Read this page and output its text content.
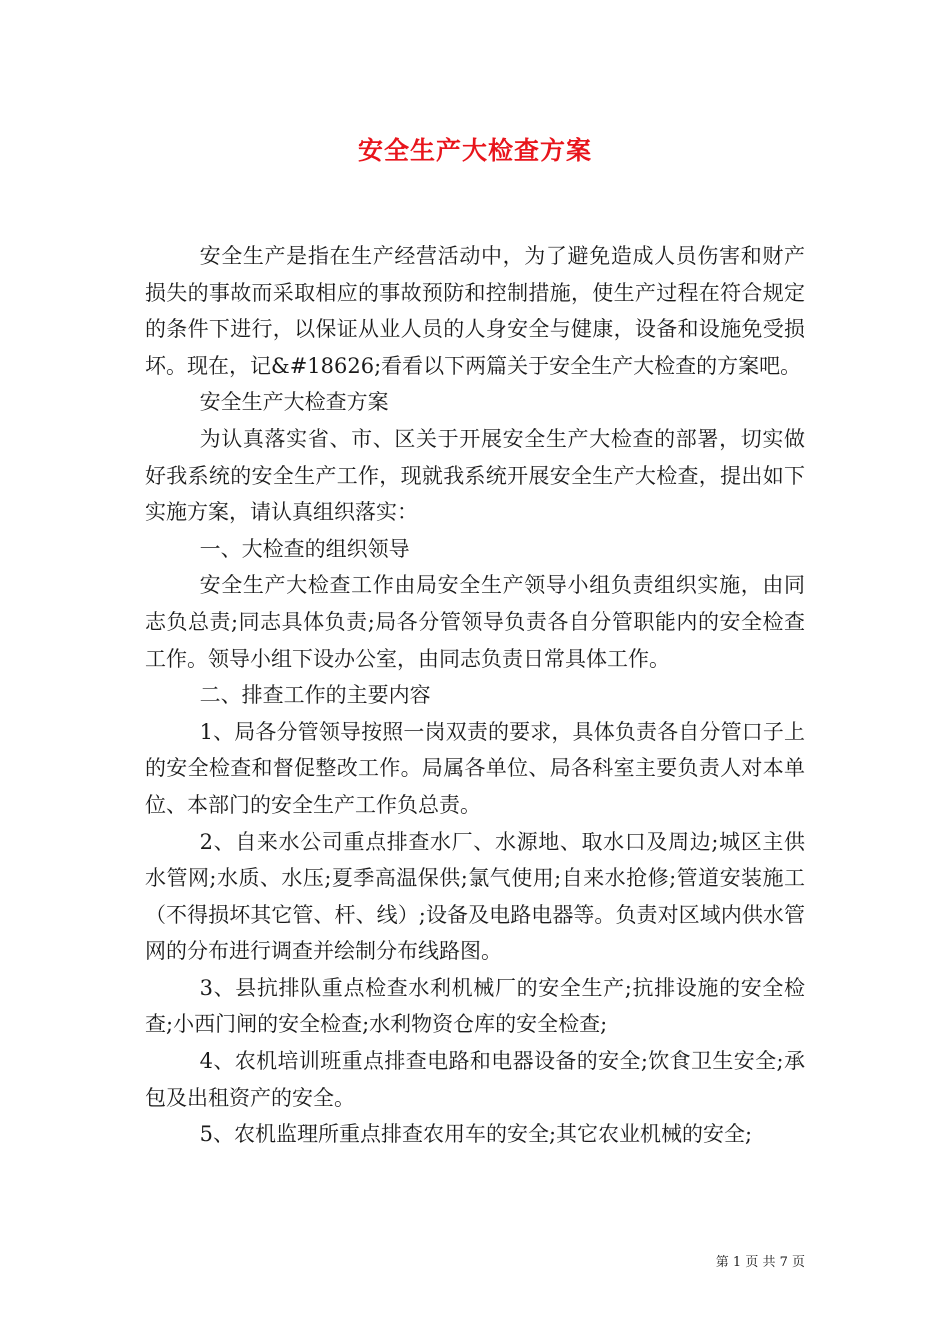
安全生产大检查方案

安全生产是指在生产经营活动中，为了避免造成人员伤害和财产损失的事故而采取相应的事故预防和控制措施，使生产过程在符合规定的条件下进行，以保证从业人员的人身安全与健康，设备和设施免受损坏。现在，记&#18626;看看以下两篇关于安全生产大检查的方案吧。

安全生产大检查方案

为认真落实省、市、区关于开展安全生产大检查的部署，切实做好我系统的安全生产工作，现就我系统开展安全生产大检查，提出如下实施方案，请认真组织落实：

一、大检查的组织领导

安全生产大检查工作由局安全生产领导小组负责组织实施，由同志负总责;同志具体负责;局各分管领导负责各自分管职能内的安全检查工作。领导小组下设办公室，由同志负责日常具体工作。

二、排查工作的主要内容

1、局各分管领导按照一岗双责的要求，具体负责各自分管口子上的安全检查和督促整改工作。局属各单位、局各科室主要负责人对本单位、本部门的安全生产工作负总责。

2、自来水公司重点排查水厂、水源地、取水口及周边;城区主供水管网;水质、水压;夏季高温保供;氯气使用;自来水抢修;管道安装施工（不得损坏其它管、杆、线）;设备及电路电器等。负责对区域内供水管网的分布进行调查并绘制分布线路图。

3、县抗排队重点检查水利机械厂的安全生产;抗排设施的安全检查;小西门闸的安全检查;水利物资仓库的安全检查;

4、农机培训班重点排查电路和电器设备的安全;饮食卫生安全;承包及出租资产的安全。

5、农机监理所重点排查农用车的安全;其它农业机械的安全;

第 1 页 共 7 页
